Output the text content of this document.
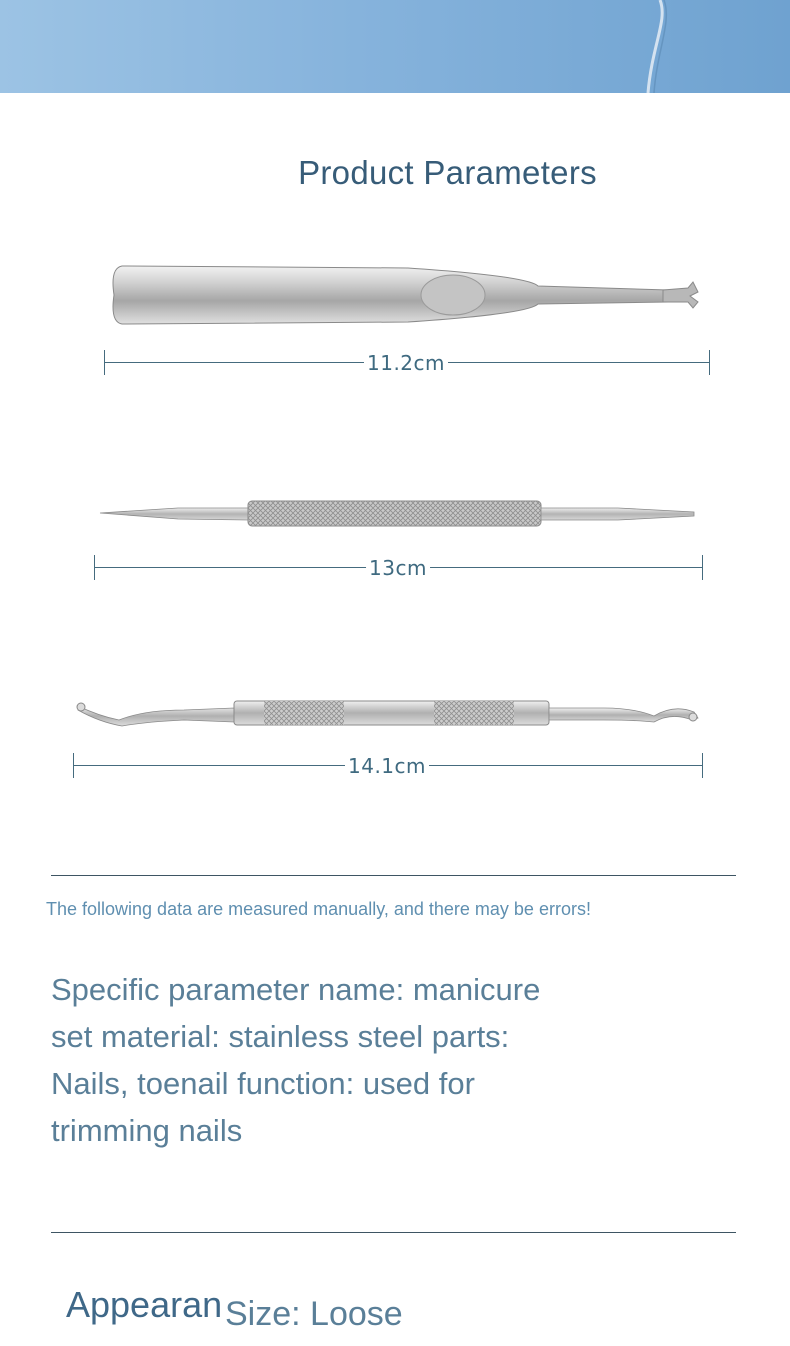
Product Parameters
11.2cm
13cm
14.1cm
The following data are measured manually, and there may be errors!
Specific parameter name: manicure
set material: stainless steel parts:
Nails, toenail function: used for
trimming nails
Appearan Size: Loose
